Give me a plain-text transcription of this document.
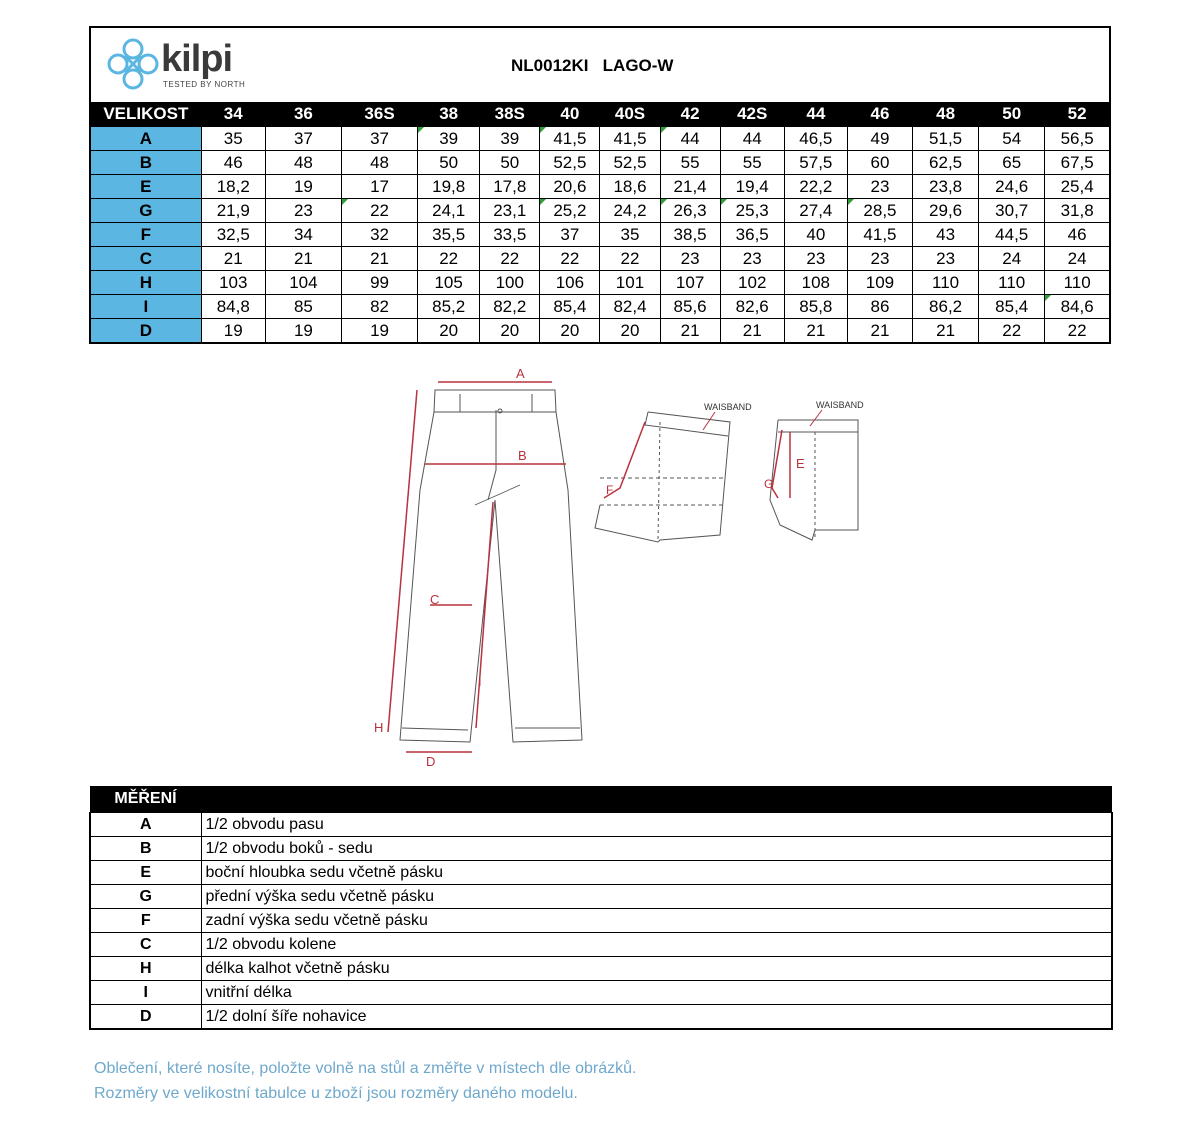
kilpi
TESTED BY NORTH
NL0012KI LAGO-W
VELIKOST	34	36	36S	38	38S	40	40S	42	42S	44	46	48	50	52
A	35	37	37	39	39	41,5	41,5	44	44	46,5	49	51,5	54	56,5
B	46	48	48	50	50	52,5	52,5	55	55	57,5	60	62,5	65	67,5
E	18,2	19	17	19,8	17,8	20,6	18,6	21,4	19,4	22,2	23	23,8	24,6	25,4
G	21,9	23	22	24,1	23,1	25,2	24,2	26,3	25,3	27,4	28,5	29,6	30,7	31,8
F	32,5	34	32	35,5	33,5	37	35	38,5	36,5	40	41,5	43	44,5	46
C	21	21	21	22	22	22	22	23	23	23	23	23	24	24
H	103	104	99	105	100	106	101	107	102	108	109	110	110	110
I	84,8	85	82	85,2	82,2	85,4	82,4	85,6	82,6	85,8	86	86,2	85,4	84,6
D	19	19	19	20	20	20	20	21	21	21	21	21	22	22
A
B
C
D
H
I
F
WAISBAND
E
G
WAISBAND
MĚŘENÍ	
A	1/2 obvodu pasu
B	1/2 obvodu boků - sedu
E	boční hloubka sedu včetně pásku
G	přední výška sedu včetně pásku
F	zadní výška sedu včetně pásku
C	1/2 obvodu kolene
H	délka kalhot včetně pásku
I	vnitřní délka
D	1/2 dolní šíře nohavice
Oblečení, které nosíte, položte volně na stůl a změřte v místech dle obrázků.
Rozměry ve velikostní tabulce u zboží jsou rozměry daného modelu.
